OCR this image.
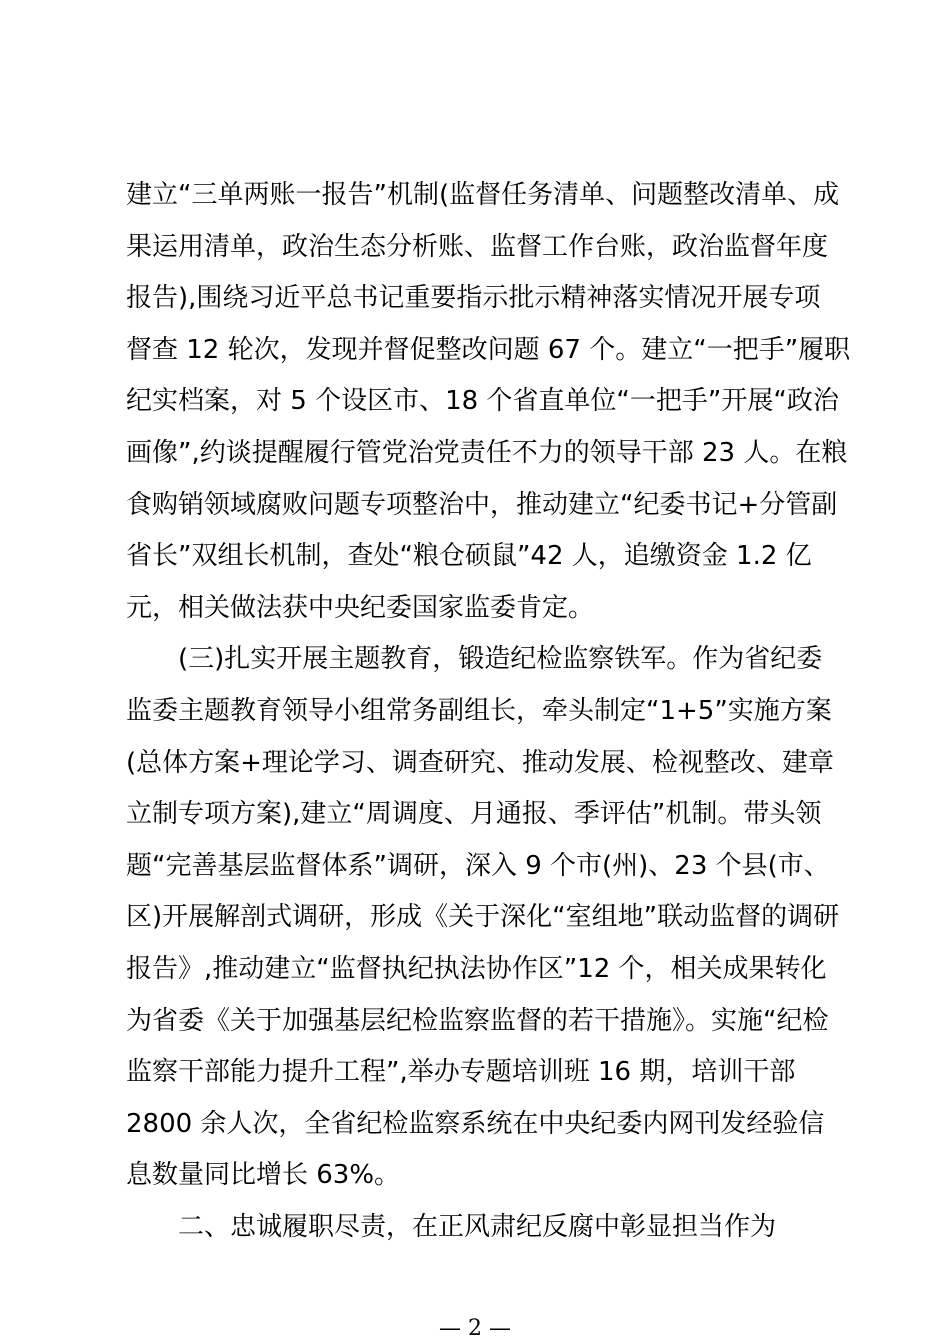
建立“三单两账一报告”机制(监督任务清单、问题整改清单、成
果运用清单，政治生态分析账、监督工作台账，政治监督年度
报告),围绕习近平总书记重要指示批示精神落实情况开展专项
督查 12 轮次，发现并督促整改问题 67 个。建立“一把手”履职
纪实档案，对 5 个设区市、18 个省直单位“一把手”开展“政治
画像”,约谈提醒履行管党治党责任不力的领导干部 23 人。在粮
食购销领域腐败问题专项整治中，推动建立“纪委书记+分管副
省长”双组长机制，查处“粮仓硕鼠”42 人，追缴资金 1.2 亿
元，相关做法获中央纪委国家监委肯定。
(三)扎实开展主题教育，锻造纪检监察铁军。作为省纪委
监委主题教育领导小组常务副组长，牵头制定“1+5”实施方案
(总体方案+理论学习、调查研究、推动发展、检视整改、建章
立制专项方案),建立“周调度、月通报、季评估”机制。带头领
题“完善基层监督体系”调研，深入 9 个市(州)、23 个县(市、
区)开展解剖式调研，形成《关于深化“室组地”联动监督的调研
报告》,推动建立“监督执纪执法协作区”12 个，相关成果转化
为省委《关于加强基层纪检监察监督的若干措施》。实施“纪检
监察干部能力提升工程”,举办专题培训班 16 期，培训干部
2800 余人次，全省纪检监察系统在中央纪委内网刊发经验信
息数量同比增长 63%。
二、忠诚履职尽责，在正风肃纪反腐中彰显担当作为
— 2 —
